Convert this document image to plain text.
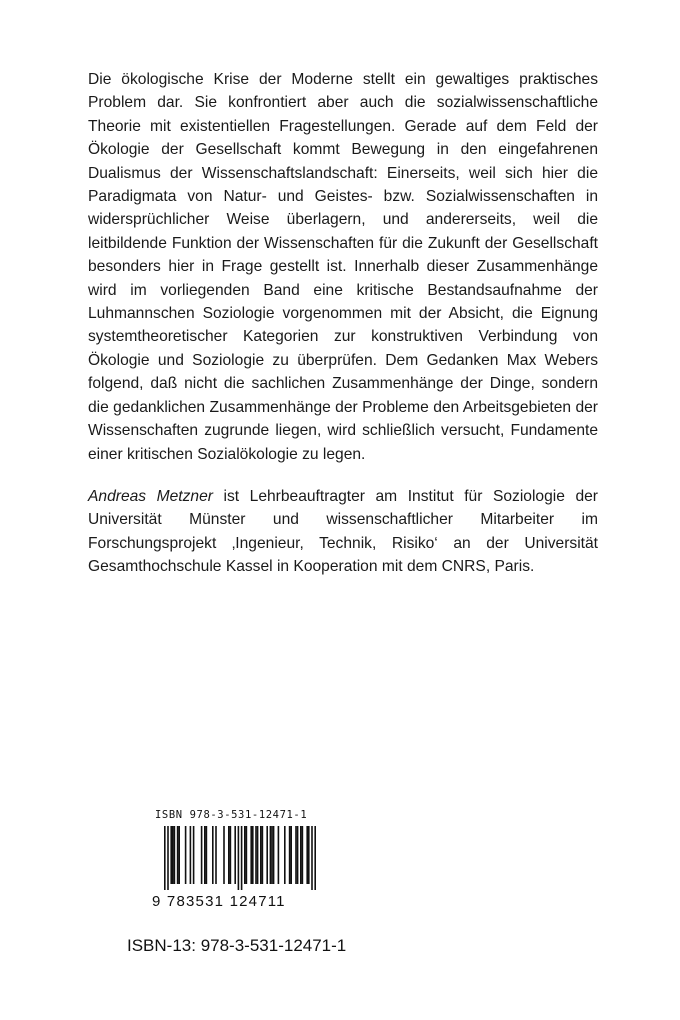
Die ökologische Krise der Moderne stellt ein gewaltiges praktisches Problem dar. Sie konfrontiert aber auch die sozialwissenschaftliche Theorie mit existentiellen Fragestellungen. Gerade auf dem Feld der Ökologie der Gesellschaft kommt Bewegung in den eingefahrenen Dualismus der Wissenschaftslandschaft: Einerseits, weil sich hier die Paradigmata von Natur- und Geistes- bzw. Sozialwissenschaften in widersprüchlicher Weise überlagern, und andererseits, weil die leitbildende Funktion der Wissenschaften für die Zukunft der Gesellschaft besonders hier in Frage gestellt ist. Innerhalb dieser Zusammenhänge wird im vorliegenden Band eine kritische Bestandsaufnahme der Luhmannschen Soziologie vorgenommen mit der Absicht, die Eignung systemtheoretischer Kategorien zur konstruktiven Verbindung von Ökologie und Soziologie zu überprüfen. Dem Gedanken Max Webers folgend, daß nicht die sachlichen Zusammenhänge der Dinge, sondern die gedanklichen Zusammenhänge der Probleme den Arbeitsgebieten der Wissenschaften zugrunde liegen, wird schließlich versucht, Fundamente einer kritischen Sozialökologie zu legen.

Andreas Metzner ist Lehrbeauftragter am Institut für Soziologie der Universität Münster und wissenschaftlicher Mitarbeiter im Forschungsprojekt ‚Ingenieur, Technik, Risiko‘ an der Universität Gesamthochschule Kassel in Kooperation mit dem CNRS, Paris.

ISBN 978-3-531-12471-1
9 783531 124711
ISBN-13: 978-3-531-12471-1
